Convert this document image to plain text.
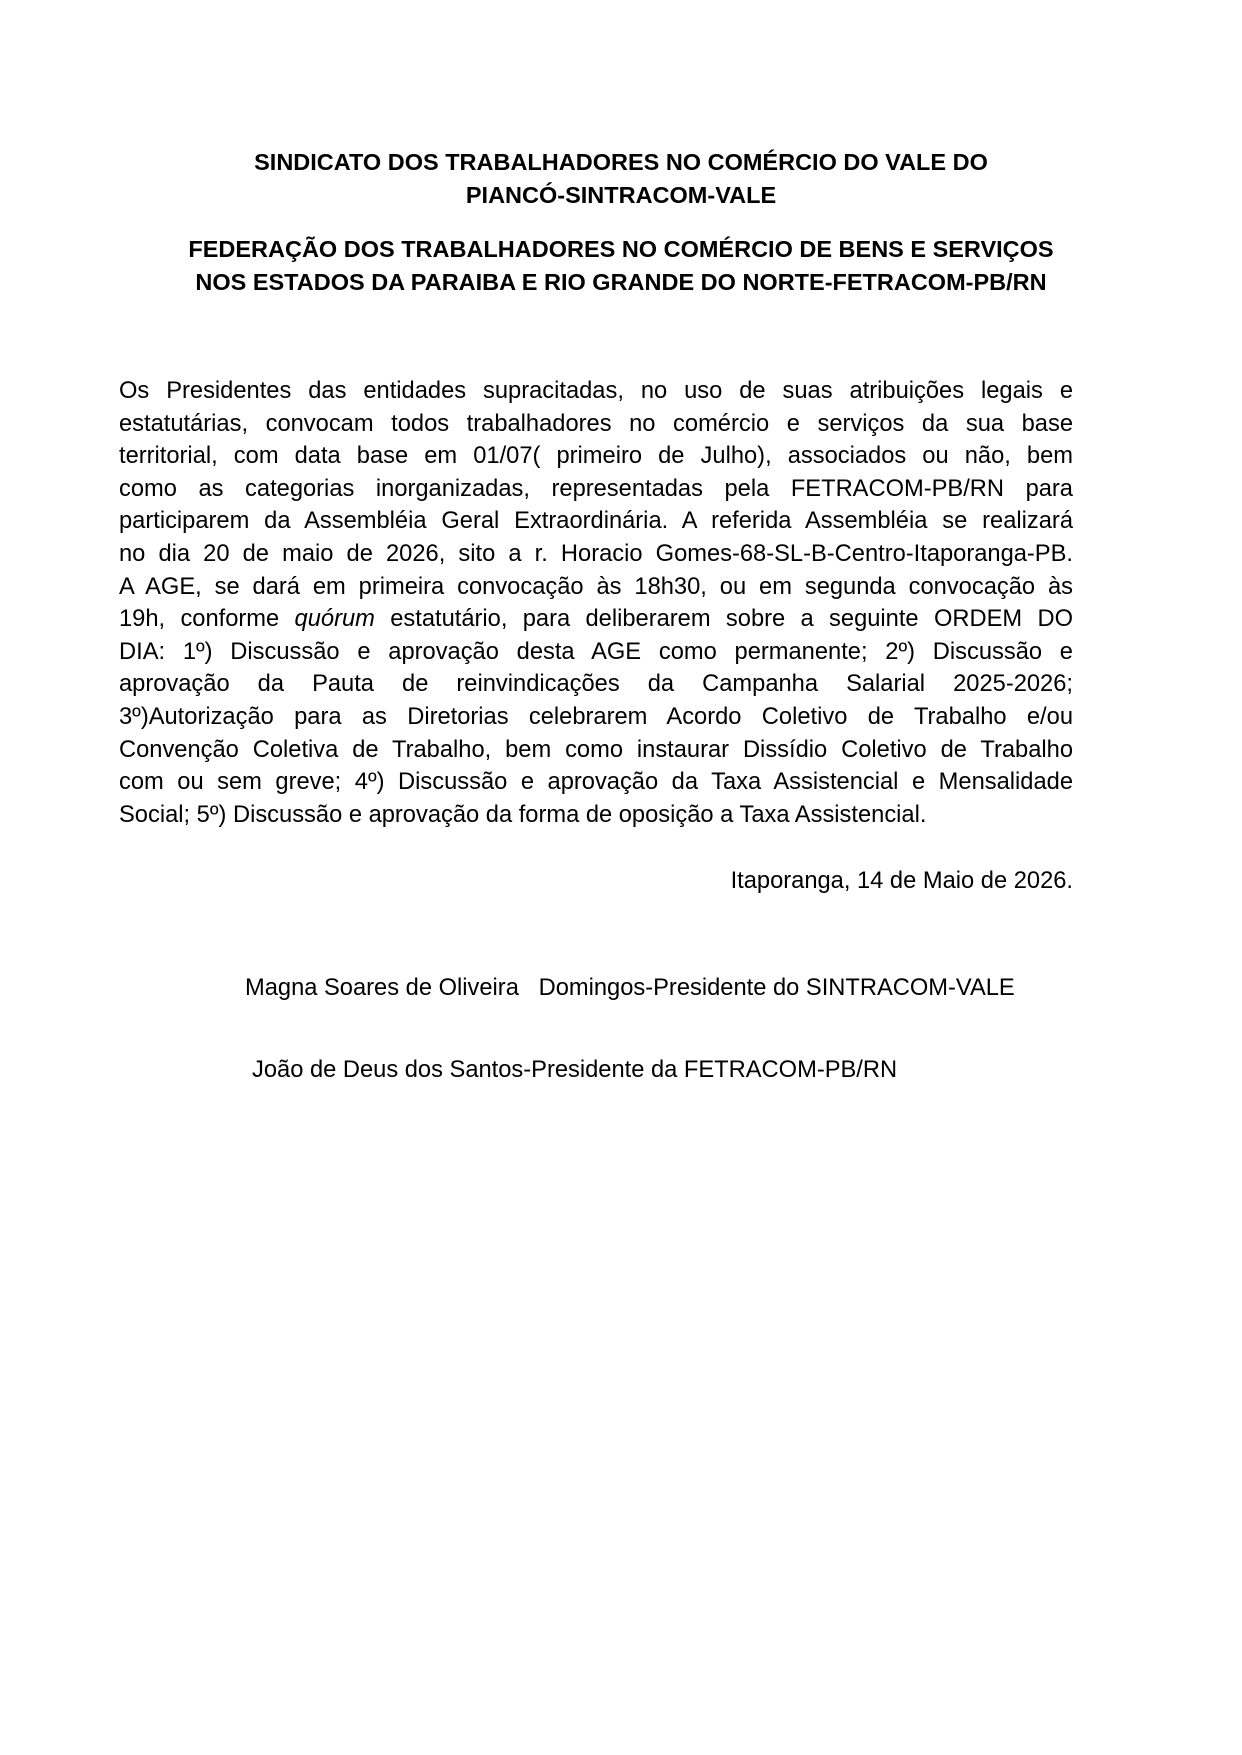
SINDICATO DOS TRABALHADORES NO COMÉRCIO DO VALE DO
PIANCÓ-SINTRACOM-VALE
FEDERAÇÃO DOS TRABALHADORES NO COMÉRCIO DE BENS E SERVIÇOS
NOS ESTADOS DA PARAIBA E RIO GRANDE DO NORTE-FETRACOM-PB/RN
Os Presidentes das entidades supracitadas, no uso de suas atribuições legais e
estatutárias, convocam todos trabalhadores no comércio e serviços da sua base
territorial, com data base em 01/07( primeiro de Julho), associados ou não, bem
como as categorias inorganizadas, representadas pela FETRACOM-PB/RN para
participarem da Assembléia Geral Extraordinária. A referida Assembléia se realizará
no dia 20 de maio de 2026, sito a r. Horacio Gomes-68-SL-B-Centro-Itaporanga-PB.
A AGE, se dará em primeira convocação às 18h30, ou em segunda convocação às
19h, conforme quórum estatutário, para deliberarem sobre a seguinte ORDEM DO
DIA: 1º) Discussão e aprovação desta AGE como permanente; 2º) Discussão e
aprovação da Pauta de reinvindicações da Campanha Salarial 2025-2026;
3º)Autorização para as Diretorias celebrarem Acordo Coletivo de Trabalho e/ou
Convenção Coletiva de Trabalho, bem como instaurar Dissídio Coletivo de Trabalho
com ou sem greve; 4º) Discussão e aprovação da Taxa Assistencial e Mensalidade
Social; 5º) Discussão e aprovação da forma de oposição a Taxa Assistencial.

Itaporanga, 14 de Maio de 2026.

Magna Soares de Oliveira   Domingos-Presidente do SINTRACOM-VALE

João de Deus dos Santos-Presidente da FETRACOM-PB/RN
